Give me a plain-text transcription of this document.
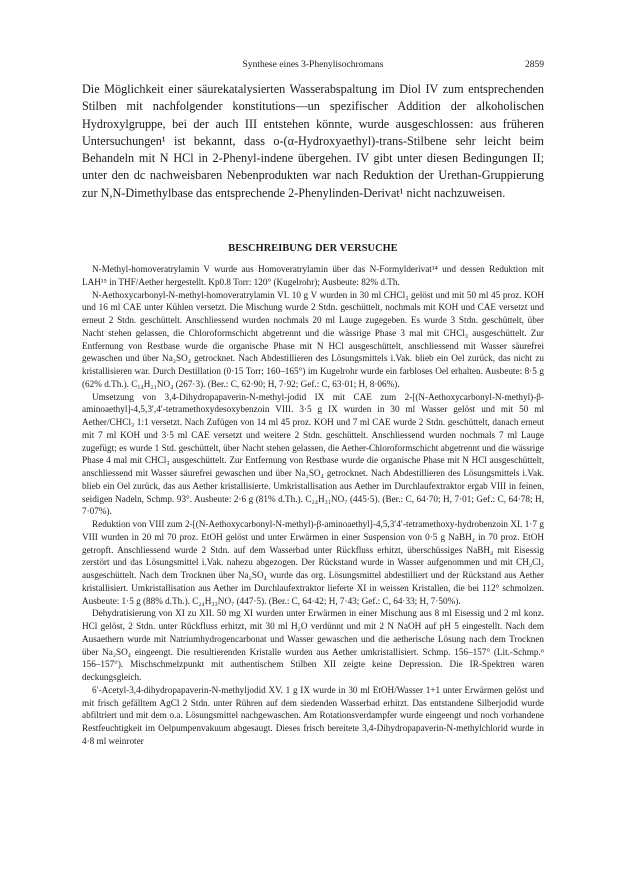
Synthese eines 3-Phenylisochromans	2859

Die Möglichkeit einer säurekatalysierten Wasserabspaltung im Diol IV zum entsprechenden Stilben mit nachfolgender konstitutions—un spezifischer Addition der alkoholischen Hydroxylgruppe, bei der auch III entstehen könnte, wurde ausgeschlossen: aus früheren Untersuchungen¹ ist bekannt, dass o-(α-Hydroxyaethyl)-trans-Stilbene sehr leicht beim Behandeln mit N HCl in 2-Phenyl-indene übergehen. IV gibt unter diesen Bedingungen II; unter den dc nachweisbaren Nebenprodukten war nach Reduktion der Urethan-Gruppierung zur N,N-Dimethylbase das entsprechende 2-Phenylinden-Derivat¹ nicht nachzuweisen.

BESCHREIBUNG DER VERSUCHE

N-Methyl-homoveratrylamin V wurde aus Homoveratrylamin über das N-Formylderivat¹⁴ und dessen Reduktion mit LAH¹⁵ in THF/Aether hergestellt. Kp0.8 Torr: 120° (Kugelrohr); Ausbeute: 82% d.Th.

N-Aethoxycarbonyl-N-methyl-homoveratrylamin VI. 10 g V wurden in 30 ml CHCl₃ gelöst und mit 50 ml 45 proz. KOH und 16 ml CAE unter Kühlen versetzt. Die Mischung wurde 2 Stdn. geschüttelt, nochmals mit KOH und CAE versetzt und erneut 2 Stdn. geschüttelt. Anschliessend wurden nochmals 20 ml Lauge zugegeben. Es wurde 3 Stdn. geschüttelt, über Nacht stehen gelassen, die Chloroformschicht abgetrennt und die wässrige Phase 3 mal mit CHCl₃ ausgeschüttelt. Zur Entfernung von Restbase wurde die organische Phase mit N HCl ausgeschüttelt, anschliessend mit Wasser säurefrei gewaschen und über Na₂SO₄ getrocknet. Nach Abdestillieren des Lösungsmittels i.Vak. blieb ein Oel zurück, das nicht zu kristallisieren war. Durch Destillation (0·15 Torr; 160–165°) im Kugelrohr wurde ein farbloses Oel erhalten. Ausbeute: 8·5 g (62% d.Th.). C₁₄H₂₁NO₄ (267·3). (Ber.: C, 62·90; H, 7·92; Gef.: C, 63·01; H, 8·06%).

Umsetzung von 3,4-Dihydropapaverin-N-methyl-jodid IX mit CAE zum 2-[(N-Aethoxycarbonyl-N-methyl)-β-aminoaethyl]-4,5,3′,4′-tetramethoxydesoxybenzoin VIII. 3·5 g IX wurden in 30 ml Wasser gelöst und mit 50 ml Aether/CHCl₃ 1:1 versetzt. Nach Zufügen von 14 ml 45 proz. KOH und 7 ml CAE wurde 2 Stdn. geschüttelt, danach erneut mit 7 ml KOH und 3·5 ml CAE versetzt und weitere 2 Stdn. geschüttelt. Anschliessend wurden nochmals 7 ml Lauge zugefügt; es wurde 1 Std. geschüttelt, über Nacht stehen gelassen, die Aether-Chloroformschicht abgetrennt und die wässrige Phase 4 mal mit CHCl₃ ausgeschüttelt. Zur Entfernung von Restbase wurde die organische Phase mit N HCl ausgeschüttelt, anschliessend mit Wasser säurefrei gewaschen und über Na₂SO₄ getrocknet. Nach Abdestillieren des Lösungsmittels i.Vak. blieb ein Oel zurück, das aus Aether kristallisierte. Umkristallisation aus Aether im Durchlaufextraktor ergab VIII in feinen, seidigen Nadeln, Schmp. 93°. Ausbeute: 2·6 g (81% d.Th.). C₂₄H₃₁NO₇ (445·5). (Ber.: C, 64·70; H, 7·01; Gef.: C, 64·78; H, 7·07%).

Reduktion von VIII zum 2-[(N-Aethoxycarbonyl-N-methyl)-β-aminoaethyl]-4,5,3′4′-tetramethoxy-hydrobenzoin XI. 1·7 g VIII wurden in 20 ml 70 proz. EtOH gelöst und unter Erwärmen in einer Suspension von 0·5 g NaBH₄ in 70 proz. EtOH getropft. Anschliessend wurde 2 Stdn. auf dem Wasserbad unter Rückfluss erhitzt, überschüssiges NaBH₄ mit Eisessig zerstört und das Lösungsmittel i.Vak. nahezu abgezogen. Der Rückstand wurde in Wasser aufgenommen und mit CH₂Cl₂ ausgeschüttelt. Nach dem Trocknen über Na₂SO₄ wurde das org. Lösungsmittel abdestilliert und der Rückstand aus Aether kristallisiert. Umkristallisation aus Aether im Durchlaufextraktor lieferte XI in weissen Kristallen, die bei 112° schmolzen. Ausbeute: 1·5 g (88% d.Th.). C₂₄H₃₃NO₇ (447·5). (Ber.: C, 64·42; H, 7·43; Gef.: C, 64·33; H, 7·50%).

Dehydratisierung von XI zu XII. 50 mg XI wurden unter Erwärmen in einer Mischung aus 8 ml Eisessig und 2 ml konz. HCl gelöst, 2 Stdn. unter Rückfluss erhitzt, mit 30 ml H₂O verdünnt und mit 2 N NaOH auf pH 5 eingestellt. Nach dem Ausaethern wurde mit Natriumhydrogencarbonat und Wasser gewaschen und die aetherische Lösung nach dem Trocknen über Na₂SO₄ eingeengt. Die resultierenden Kristalle wurden aus Aether umkristallisiert. Schmp. 156–157° (Lit.-Schmp.⁶ 156–157°). Mischschmelzpunkt mit authentischem Stilben XII zeigte keine Depression. Die IR-Spektren waren deckungsgleich.

6′-Acetyl-3,4-dihydropapaverin-N-methyljodid XV. 1 g IX wurde in 30 ml EtOH/Wasser 1+1 unter Erwärmen gelöst und mit frisch gefälltem AgCl 2 Stdn. unter Rühren auf dem siedenden Wasserbad erhitzt. Das entstandene Silberjodid wurde abfiltriert und mit dem o.a. Lösungsmittel nachgewaschen. Am Rotationsverdampfer wurde eingeengt und noch vorhandene Restfeuchtigkeit im Oelpumpenvakuum abgesaugt. Dieses frisch bereitete 3,4-Dihydropapaverin-N-methylchlorid wurde in 4·8 ml weinroter
